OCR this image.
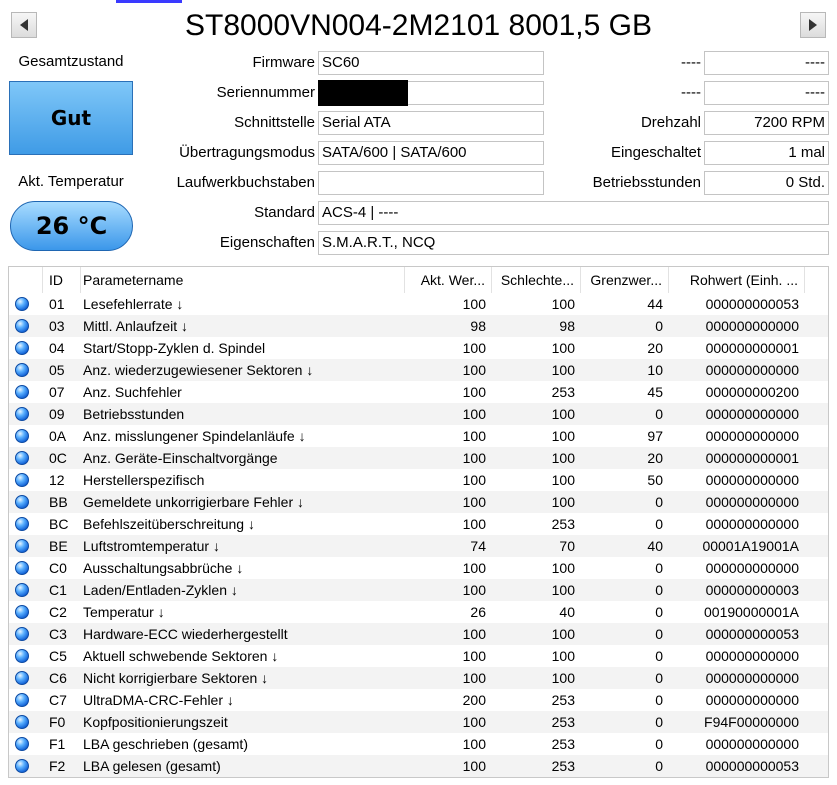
ST8000VN004-2M2101 8001,5 GB
Gesamtzustand
Gut
Akt. Temperatur
26 °C
Firmware SC60
Seriennummer
Schnittstelle Serial ATA
Übertragungsmodus SATA/600 | SATA/600
Laufwerkbuchstaben
Standard ACS-4 | ----
Eigenschaften S.M.A.R.T., NCQ
----	----
----	----
Drehzahl	7200 RPM
Eingeschaltet	1 mal
Betriebsstunden	0 Std.
ID	Parametername	Akt. Wer...	Schlechte...	Grenzwer...	Rohwert (Einh. ...
01	Lesefehlerrate ↓	100	100	44	000000000053
03	Mittl. Anlaufzeit ↓	98	98	0	000000000000
04	Start/Stopp-Zyklen d. Spindel	100	100	20	000000000001
05	Anz. wiederzugewiesener Sektoren ↓	100	100	10	000000000000
07	Anz. Suchfehler	100	253	45	000000000200
09	Betriebsstunden	100	100	0	000000000000
0A	Anz. misslungener Spindelanläufe ↓	100	100	97	000000000000
0C	Anz. Geräte-Einschaltvorgänge	100	100	20	000000000001
12	Herstellerspezifisch	100	100	50	000000000000
BB	Gemeldete unkorrigierbare Fehler ↓	100	100	0	000000000000
BC	Befehlszeitüberschreitung ↓	100	253	0	000000000000
BE	Luftstromtemperatur ↓	74	70	40	00001A19001A
C0	Ausschaltungsabbrüche ↓	100	100	0	000000000000
C1	Laden/Entladen-Zyklen ↓	100	100	0	000000000003
C2	Temperatur ↓	26	40	0	00190000001A
C3	Hardware-ECC wiederhergestellt	100	100	0	000000000053
C5	Aktuell schwebende Sektoren ↓	100	100	0	000000000000
C6	Nicht korrigierbare Sektoren ↓	100	100	0	000000000000
C7	UltraDMA-CRC-Fehler ↓	200	253	0	000000000000
F0	Kopfpositionierungszeit	100	253	0	F94F00000000
F1	LBA geschrieben (gesamt)	100	253	0	000000000000
F2	LBA gelesen (gesamt)	100	253	0	000000000053
